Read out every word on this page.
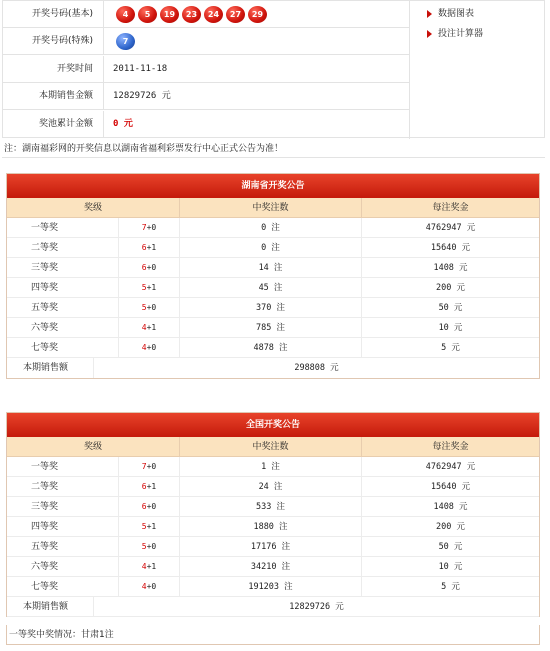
开奖号码(基本)	4	5	19	23	24	27	29
开奖号码(特殊)	7
开奖时间	2011-11-18
本期销售金额	12829726 元
奖池累计金额	0 元
数据图表
投注计算器
注：湖南福彩网的开奖信息以湖南省福利彩票发行中心正式公告为准！
湖南省开奖公告
奖级	中奖注数	每注奖金
一等奖	7+0	0 注	4762947 元
二等奖	6+1	0 注	15640 元
三等奖	6+0	14 注	1408 元
四等奖	5+1	45 注	200 元
五等奖	5+0	370 注	50 元
六等奖	4+1	785 注	10 元
七等奖	4+0	4878 注	5 元
本期销售额	298808 元
全国开奖公告
奖级	中奖注数	每注奖金
一等奖	7+0	1 注	4762947 元
二等奖	6+1	24 注	15640 元
三等奖	6+0	533 注	1408 元
四等奖	5+1	1880 注	200 元
五等奖	5+0	17176 注	50 元
六等奖	4+1	34210 注	10 元
七等奖	4+0	191203 注	5 元
本期销售额	12829726 元
一等奖中奖情况：甘肃1注
